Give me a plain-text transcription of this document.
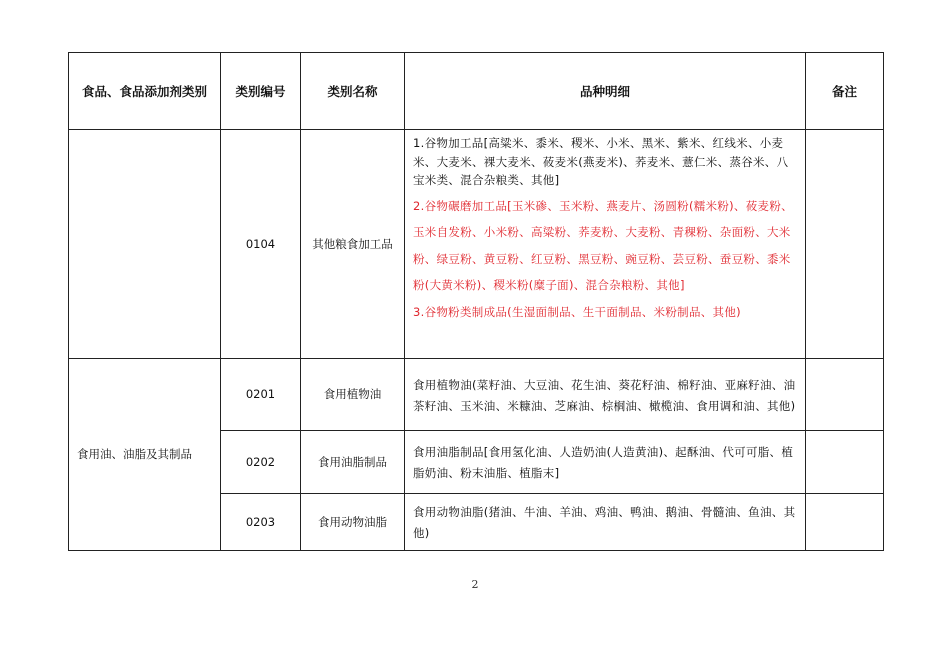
食品、食品添加剂类别	类别编号	类别名称	品种明细	备注
	0104	其他粮食加工品	1.谷物加工品[高粱米、黍米、稷米、小米、黑米、紫米、红线米、小麦米、大麦米、裸大麦米、莜麦米(燕麦米)、荞麦米、薏仁米、蒸谷米、八宝米类、混合杂粮类、其他]

2.谷物碾磨加工品[玉米碜、玉米粉、燕麦片、汤圆粉(糯米粉)、莜麦粉、玉米自发粉、小米粉、高粱粉、荞麦粉、大麦粉、青稞粉、杂面粉、大米粉、绿豆粉、黄豆粉、红豆粉、黑豆粉、豌豆粉、芸豆粉、蚕豆粉、黍米粉(大黄米粉)、稷米粉(糜子面)、混合杂粮粉、其他]

3.谷物粉类制成品(生湿面制品、生干面制品、米粉制品、其他)	

食用油、油脂及其制品	0201	食用植物油	食用植物油(菜籽油、大豆油、花生油、葵花籽油、棉籽油、亚麻籽油、油茶籽油、玉米油、米糠油、芝麻油、棕榈油、橄榄油、食用调和油、其他)	

	0202	食用油脂制品	食用油脂制品[食用氢化油、人造奶油(人造黄油)、起酥油、代可可脂、植脂奶油、粉末油脂、植脂末]	

	0203	食用动物油脂	食用动物油脂(猪油、牛油、羊油、鸡油、鸭油、鹅油、骨髓油、鱼油、其他)	

2
